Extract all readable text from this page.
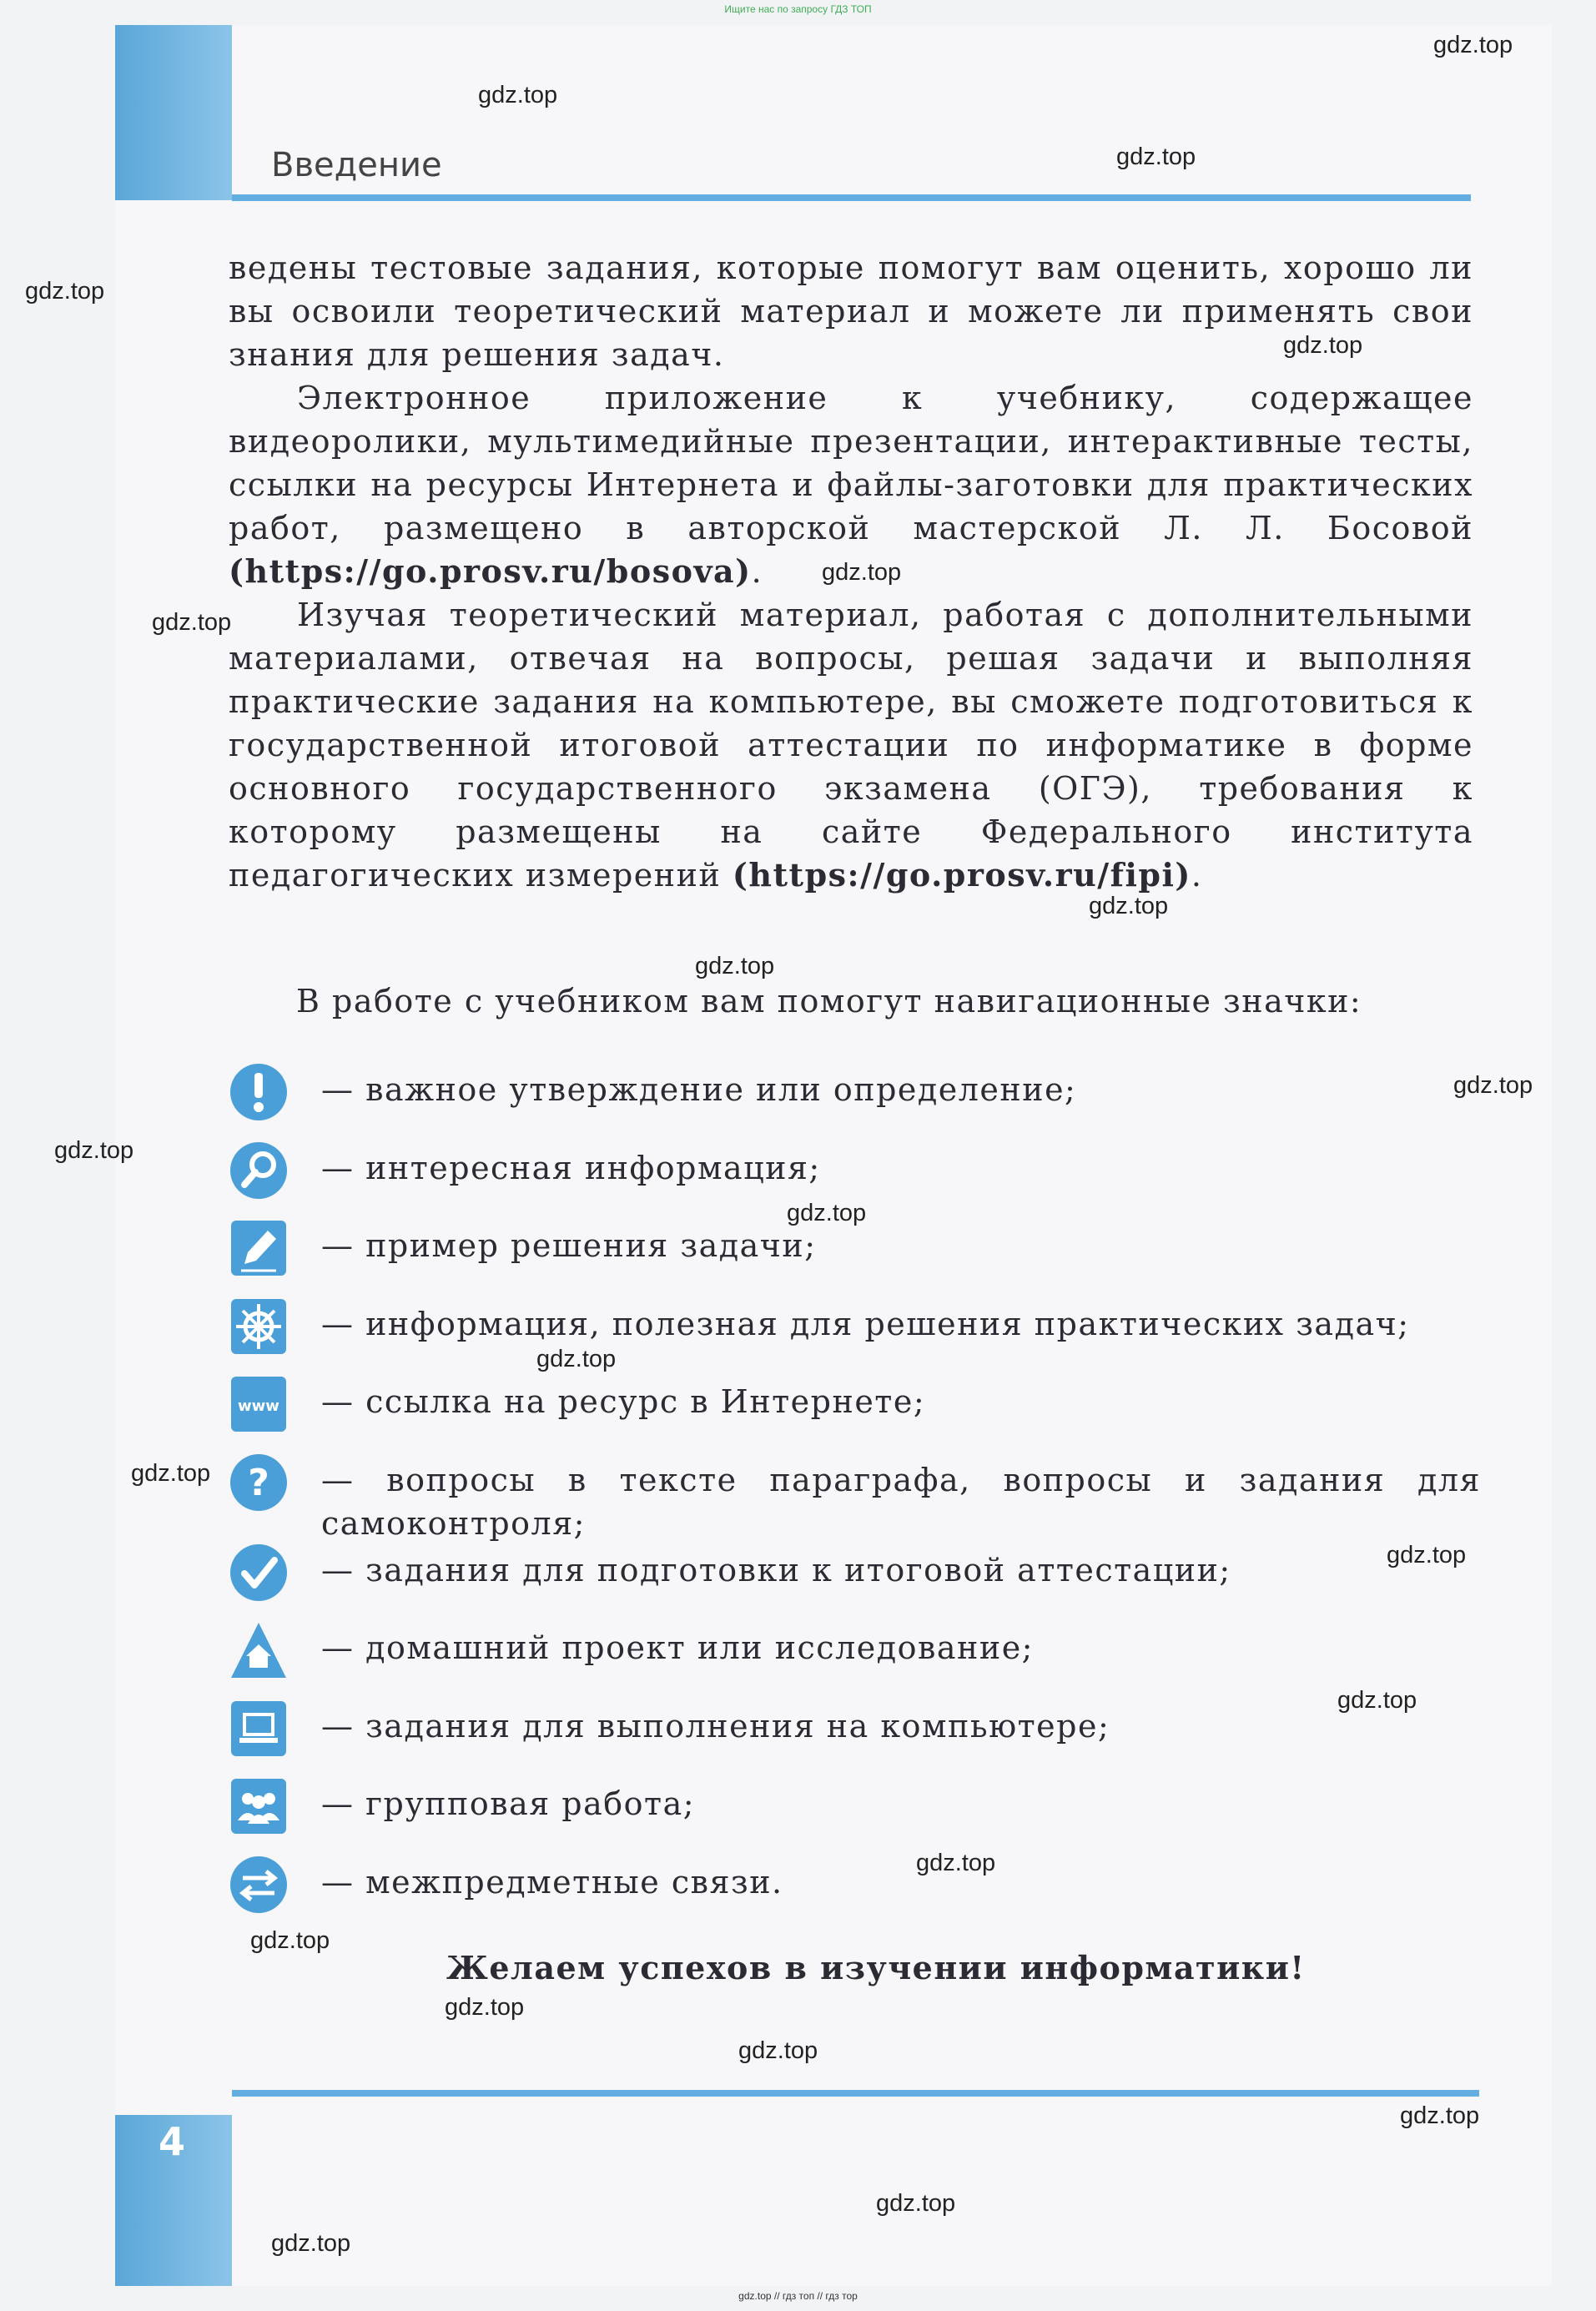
Ищите нас по запросу ГДЗ ТОП
Введение
ведены тестовые задания, которые помогут вам оценить, хорошо ли вы освоили теоретический материал и можете ли применять свои знания для решения задач.
Электронное приложение к учебнику, содержащее видеоролики, мультимедийные презентации, интерактивные тесты, ссылки на ресурсы Интернета и файлы-заготовки для практических работ, размещено в авторской мастерской Л. Л. Босовой (https://go.prosv.ru/bosova).
Изучая теоретический материал, работая с дополнительными материалами, отвечая на вопросы, решая задачи и выполняя практические задания на компьютере, вы сможете подготовиться к государственной итоговой аттестации по информатике в форме основного государственного экзамена (ОГЭ), требования к которому размещены на сайте Федерального института педагогических измерений (https://go.prosv.ru/fipi).
В работе с учебником вам помогут навигационные значки:
— важное утверждение или определение;
— интересная информация;
— пример решения задачи;
— информация, полезная для решения практических задач;
www — ссылка на ресурс в Интернете;
? — вопросы в тексте параграфа, вопросы и задания для самоконтроля;
— задания для подготовки к итоговой аттестации;
— домашний проект или исследование;
— задания для выполнения на компьютере;
— групповая работа;
— межпредметные связи.
Желаем успехов в изучении информатики!
4
gdz.top
gdz.top
gdz.top
gdz.top
gdz.top
gdz.top
gdz.top
gdz.top
gdz.top
gdz.top
gdz.top
gdz.top
gdz.top
gdz.top
gdz.top
gdz.top
gdz.top
gdz.top
gdz.top
gdz.top
gdz.top
gdz.top
gdz.top
gdz.top // гдз топ // гдз тор
